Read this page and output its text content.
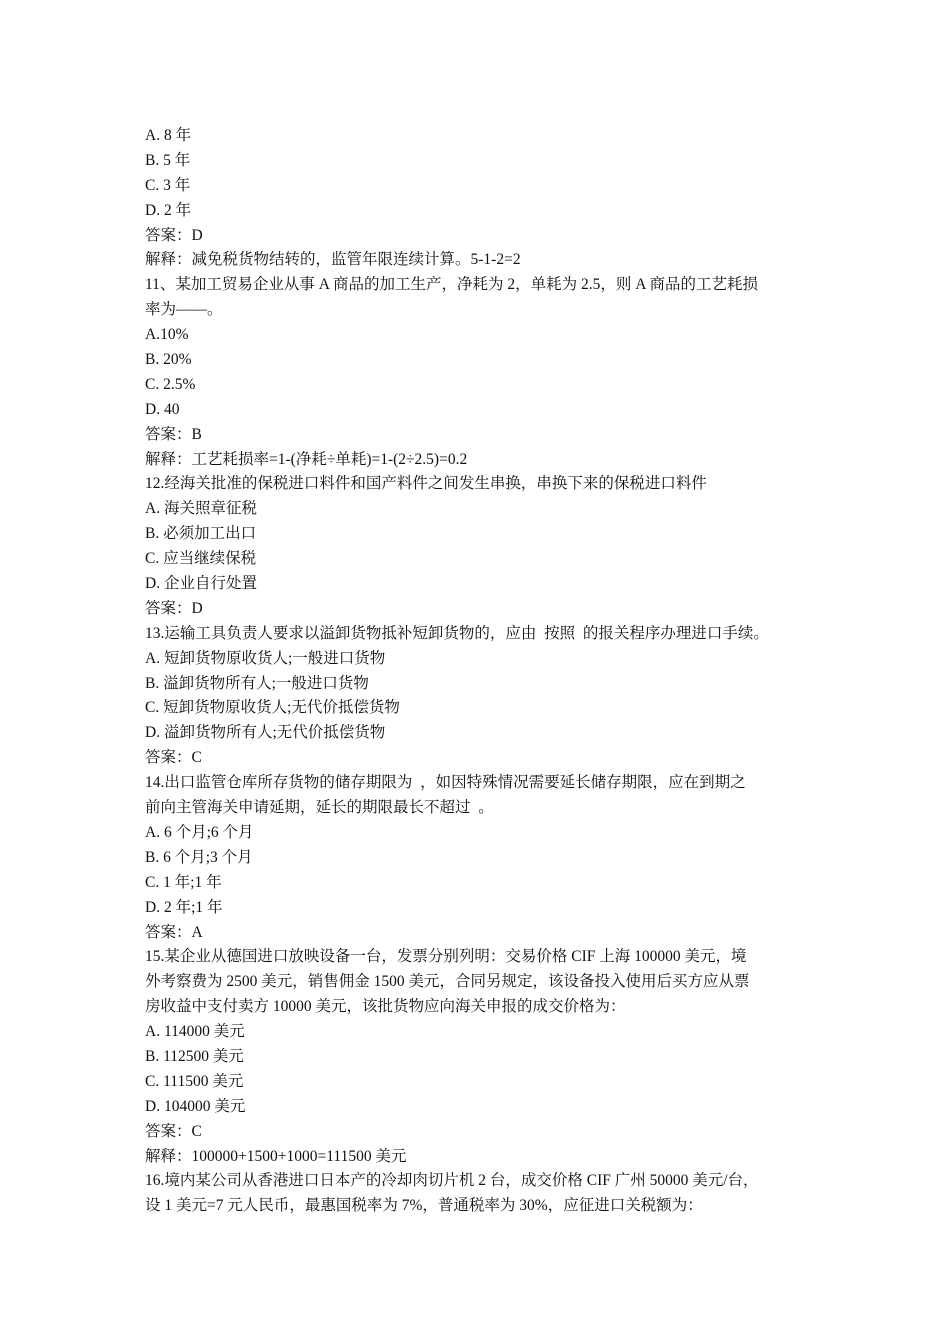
A. 8 年
B. 5 年
C. 3 年
D. 2 年
答案：D
解释：减免税货物结转的，监管年限连续计算。5-1-2=2
11、某加工贸易企业从事 A 商品的加工生产，净耗为 2，单耗为 2.5，则 A 商品的工艺耗损
率为——。
A.10%
B. 20%
C. 2.5%
D. 40
答案：B
解释：工艺耗损率=1-(净耗÷单耗)=1-(2÷2.5)=0.2
12.经海关批准的保税进口料件和国产料件之间发生串换，串换下来的保税进口料件
A. 海关照章征税
B. 必须加工出口
C. 应当继续保税
D. 企业自行处置
答案：D
13.运输工具负责人要求以溢卸货物抵补短卸货物的，应由  按照  的报关程序办理进口手续。
A. 短卸货物原收货人;一般进口货物
B. 溢卸货物所有人;一般进口货物
C. 短卸货物原收货人;无代价抵偿货物
D. 溢卸货物所有人;无代价抵偿货物
答案：C
14.出口监管仓库所存货物的储存期限为  ，如因特殊情况需要延长储存期限，应在到期之
前向主管海关申请延期，延长的期限最长不超过  。
A. 6 个月;6 个月
B. 6 个月;3 个月
C. 1 年;1 年
D. 2 年;1 年
答案：A
15.某企业从德国进口放映设备一台，发票分别列明：交易价格 CIF 上海 100000 美元，境
外考察费为 2500 美元，销售佣金 1500 美元，合同另规定，该设备投入使用后买方应从票
房收益中支付卖方 10000 美元，该批货物应向海关申报的成交价格为：
A. 114000 美元
B. 112500 美元
C. 111500 美元
D. 104000 美元
答案：C
解释：100000+1500+1000=111500 美元
16.境内某公司从香港进口日本产的冷却肉切片机 2 台，成交价格 CIF 广州 50000 美元/台，
设 1 美元=7 元人民币，最惠国税率为 7%，普通税率为 30%，应征进口关税额为：
